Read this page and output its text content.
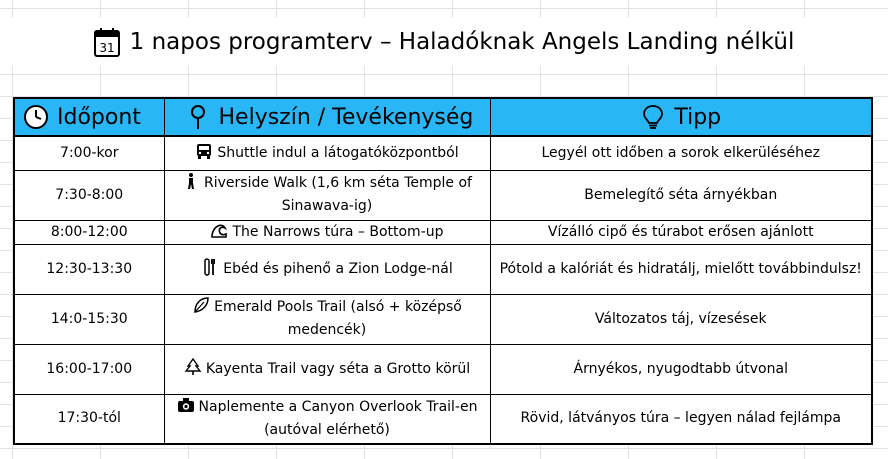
31 1 napos programterv – Haladóknak Angels Landing nélkül
Időpont	Helyszín / Tevékenység	Tipp

7:00-kor	Shuttle indul a látogatóközpontból	Legyél ott időben a sorok elkerüléséhez
7:30-8:00	Riverside Walk (1,6 km séta Temple of Sinawava-ig)	Bemelegítő séta árnyékban
8:00-12:00	The Narrows túra – Bottom-up	Vízálló cipő és túrabot erősen ajánlott
12:30-13:30	Ebéd és pihenő a Zion Lodge-nál	Pótold a kalóriát és hidratálj, mielőtt továbbindulsz!
14:0-15:30	Emerald Pools Trail (alsó + középső medencék)	Változatos táj, vízesések
16:00-17:00	Kayenta Trail vagy séta a Grotto körül	Árnyékos, nyugodtabb útvonal
17:30-tól	Naplemente a Canyon Overlook Trail-en (autóval elérhető)	Rövid, látványos túra – legyen nálad fejlámpa
